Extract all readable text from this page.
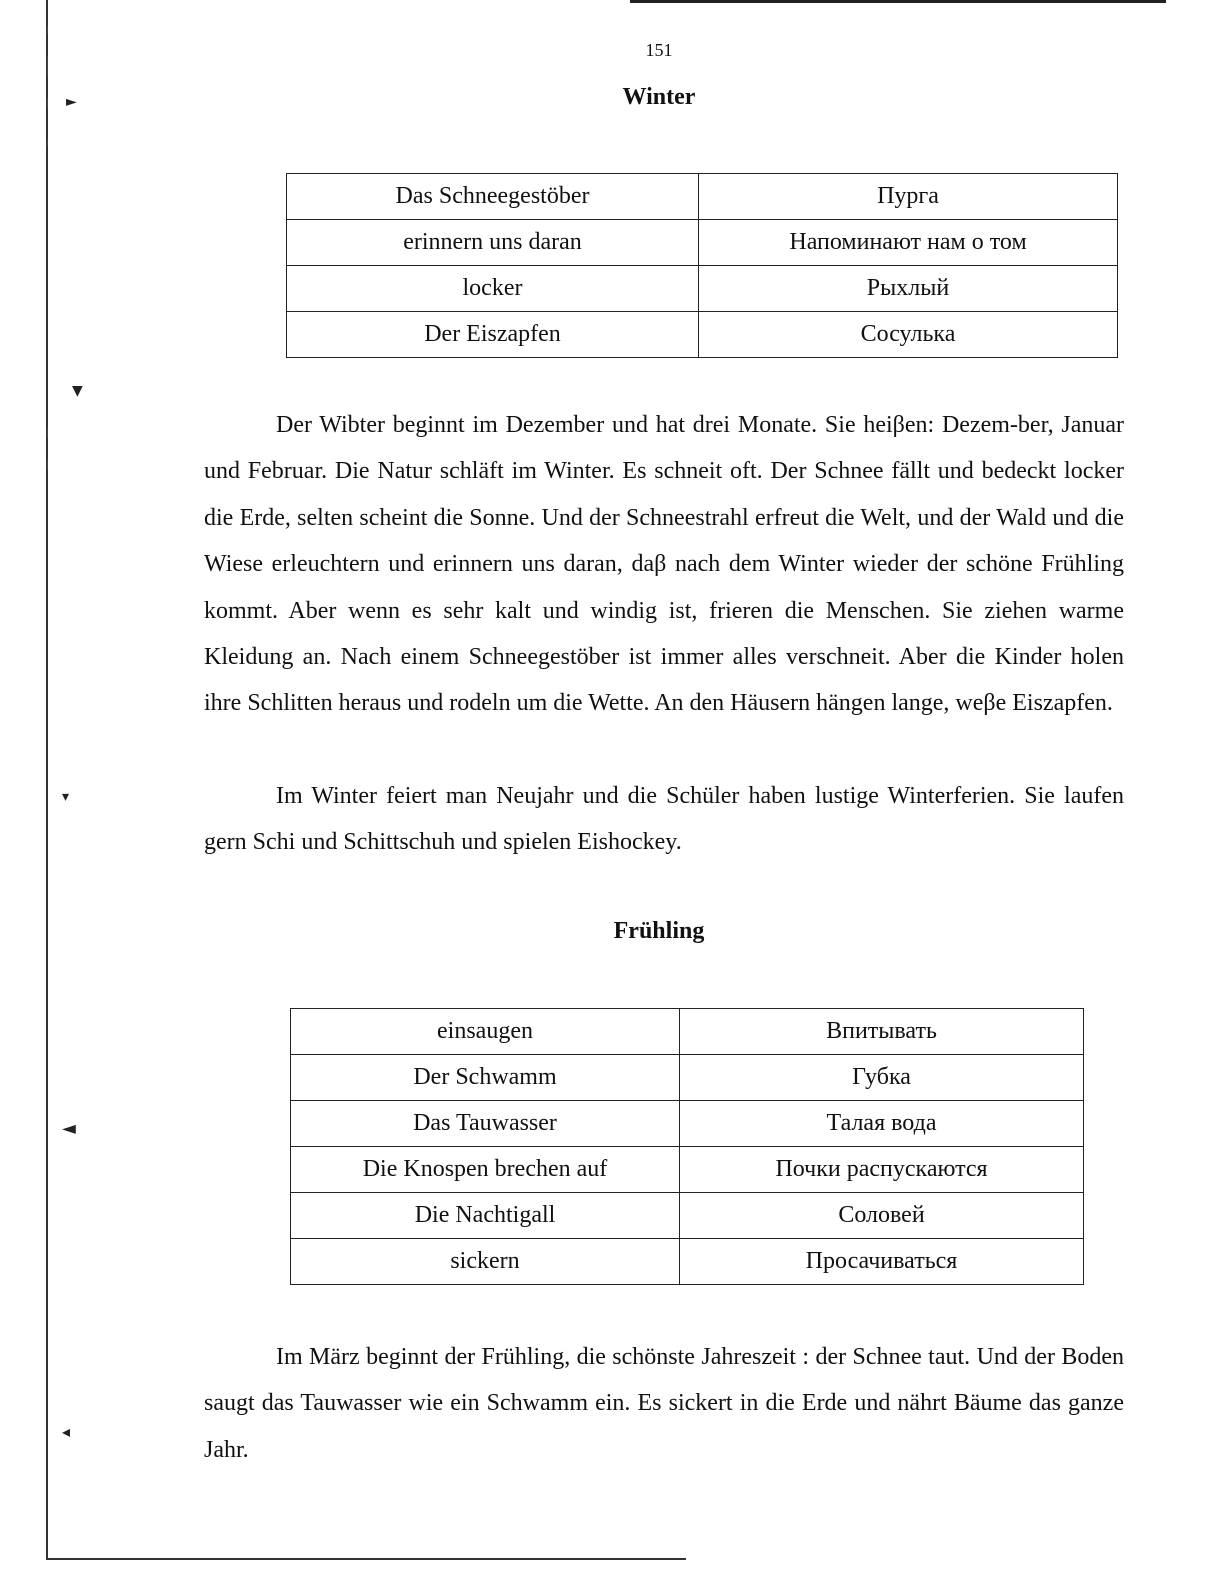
►
▼
▾
◄
◂
151
Winter
Das Schneegestöber	Пурга
erinnern uns daran	Напоминают нам о том
locker	Рыхлый
Der Eiszapfen	Сосулька

Der Wibter beginnt im Dezember und hat drei Monate. Sie heiβen: Dezem-ber, Januar und Februar. Die Natur schläft im Winter. Es schneit oft. Der Schnee fällt und bedeckt locker die Erde, selten scheint die Sonne. Und der Schneestrahl erfreut die Welt, und der Wald und die Wiese erleuchtern und erinnern uns daran, daβ nach dem Winter wieder der schöne Frühling kommt. Aber wenn es sehr kalt und windig ist, frieren die Menschen. Sie ziehen warme Kleidung an. Nach einem Schneegestöber ist immer alles verschneit. Aber die Kinder holen ihre Schlitten heraus und rodeln um die Wette. An den Häusern hängen lange, weβe Eiszapfen.

Im Winter feiert man Neujahr und die Schüler haben lustige Winterferien. Sie laufen gern Schi und Schittschuh und spielen Eishockey.

Frühling
einsaugen	Впитывать
Der Schwamm	Губка
Das Tauwasser	Талая вода
Die Knospen brechen auf	Почки распускаются
Die Nachtigall	Соловей
sickern	Просачиваться

Im März beginnt der Frühling, die schönste Jahreszeit : der Schnee taut. Und der Boden saugt das Tauwasser wie ein Schwamm ein. Es sickert in die Erde und nährt Bäume das ganze Jahr.
